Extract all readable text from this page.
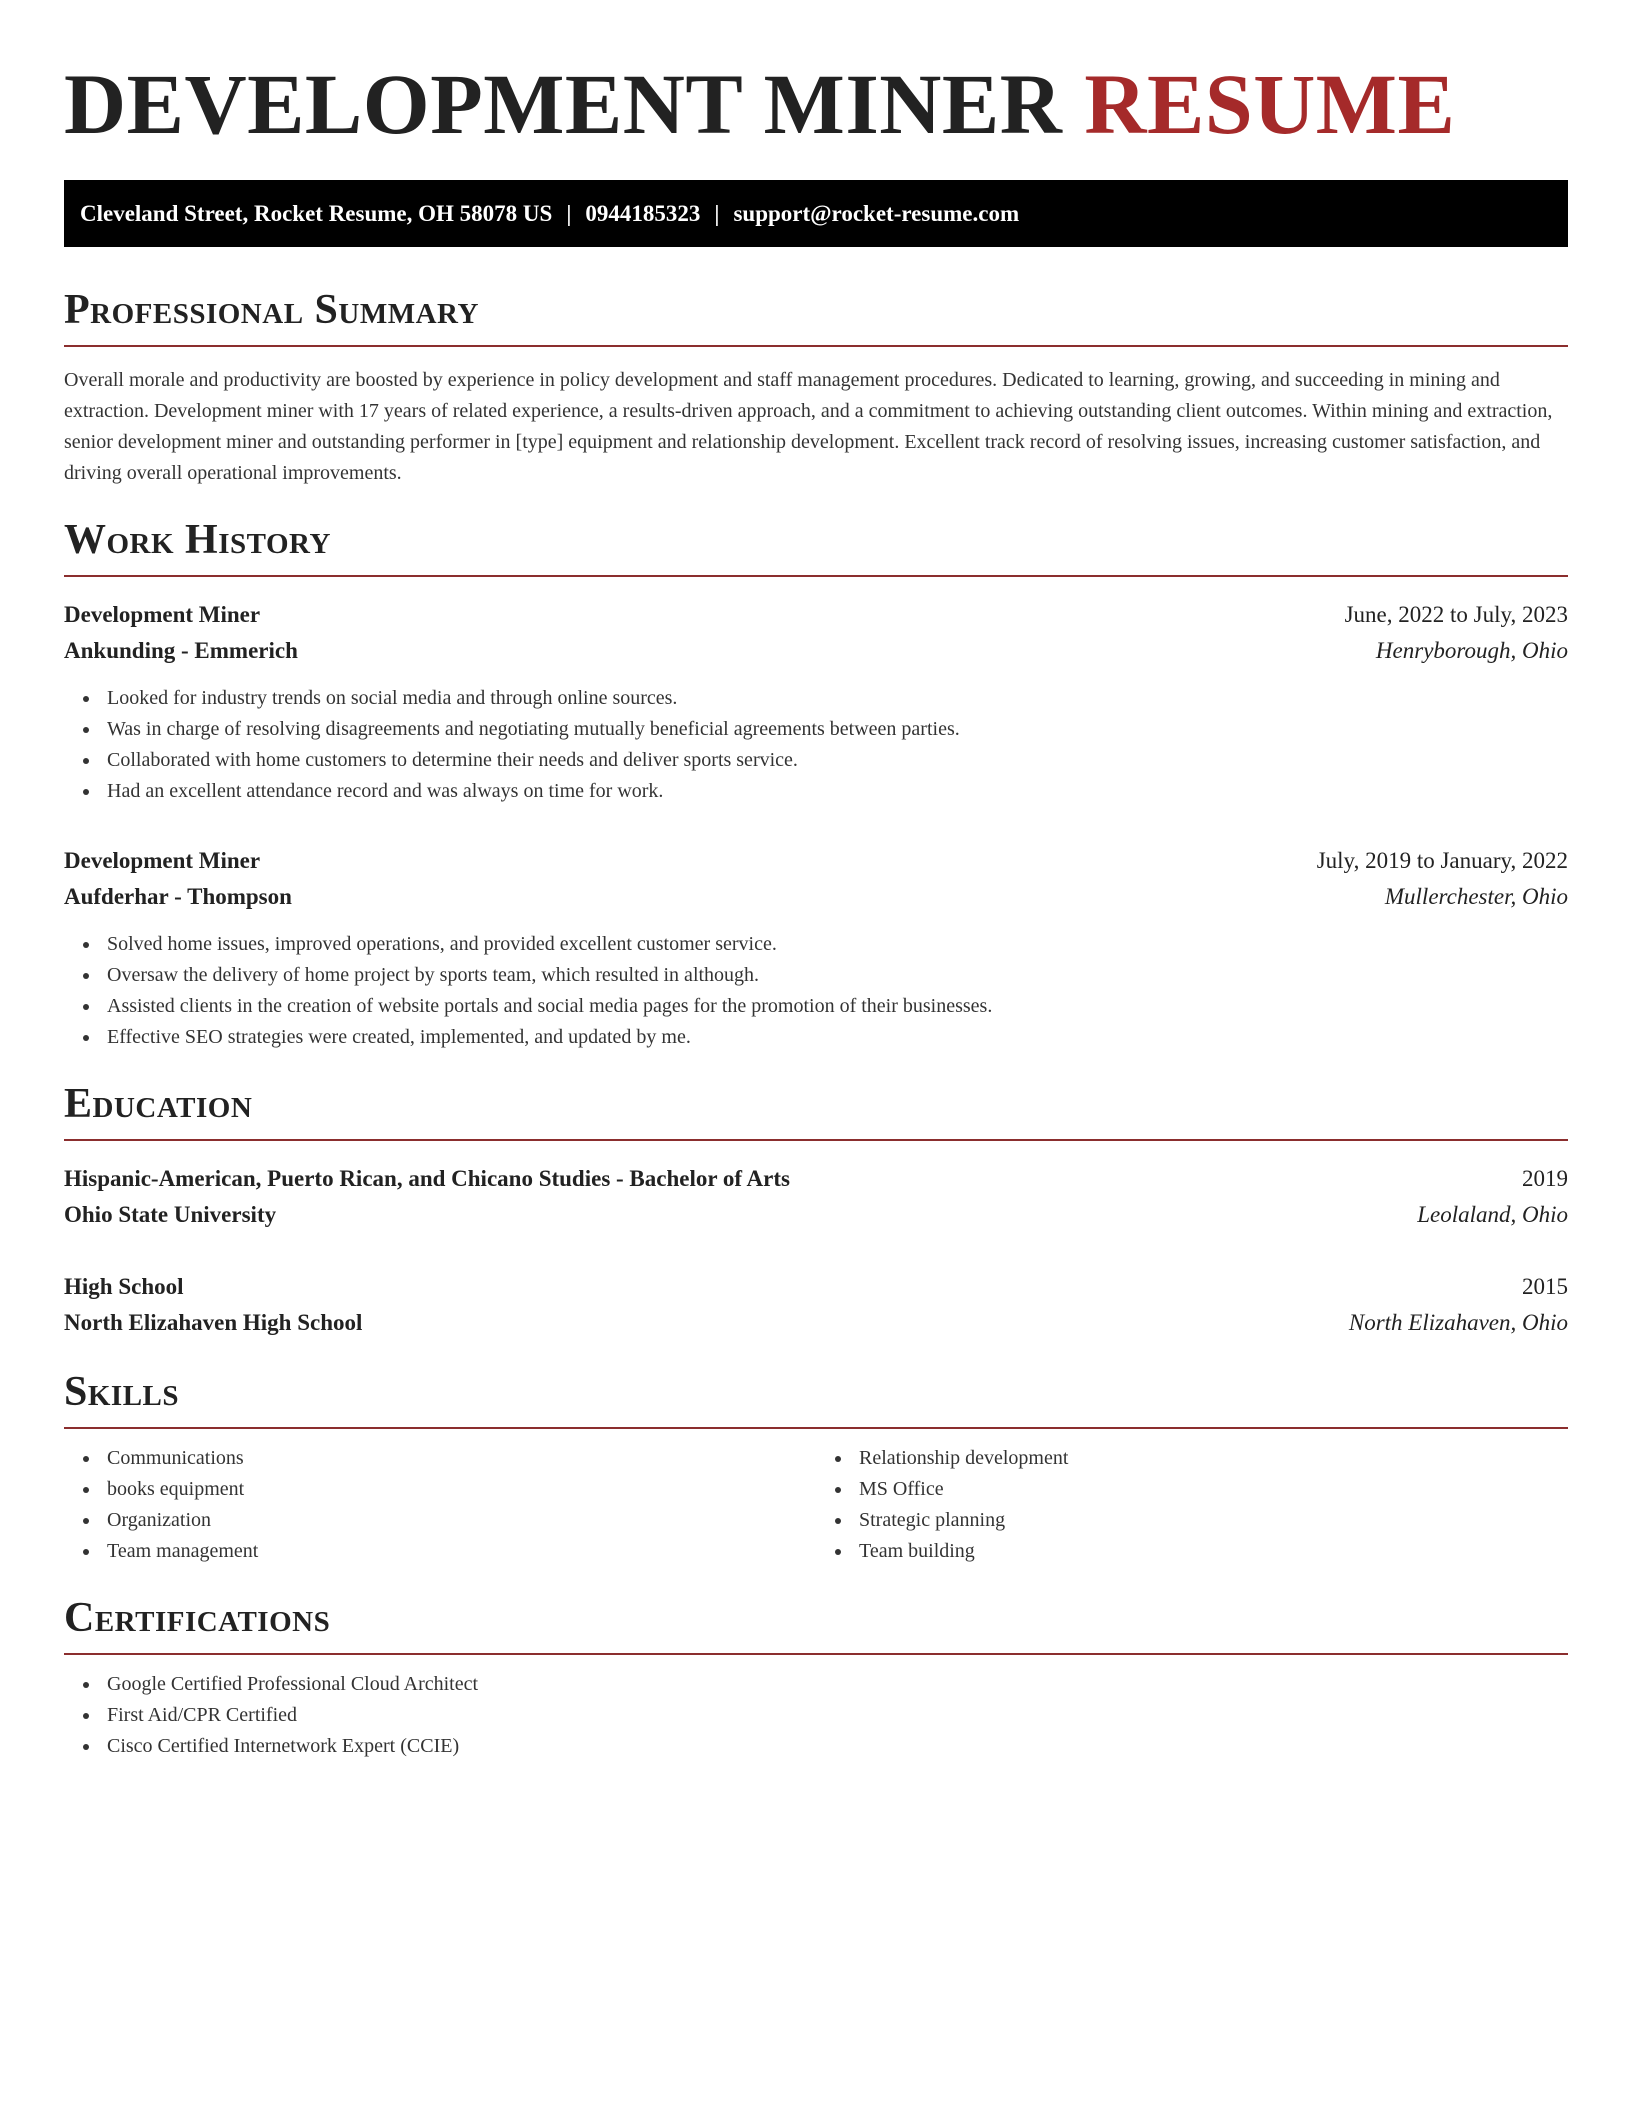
DEVELOPMENT MINER RESUME
Cleveland Street, Rocket Resume, OH 58078 US | 0944185323 | support@rocket-resume.com
Professional Summary

Overall morale and productivity are boosted by experience in policy development and staff management procedures. Dedicated to learning, growing, and succeeding in mining and extraction. Development miner with 17 years of related experience, a results-driven approach, and a commitment to achieving outstanding client outcomes. Within mining and extraction, senior development miner and outstanding performer in [type] equipment and relationship development. Excellent track record of resolving issues, increasing customer satisfaction, and driving overall operational improvements.

Work History
Development Miner	June, 2022 to July, 2023
Ankunding - Emmerich	Henryborough, Ohio
Looked for industry trends on social media and through online sources.
Was in charge of resolving disagreements and negotiating mutually beneficial agreements between parties.
Collaborated with home customers to determine their needs and deliver sports service.
Had an excellent attendance record and was always on time for work.
Development Miner	July, 2019 to January, 2022
Aufderhar - Thompson	Mullerchester, Ohio
Solved home issues, improved operations, and provided excellent customer service.
Oversaw the delivery of home project by sports team, which resulted in although.
Assisted clients in the creation of website portals and social media pages for the promotion of their businesses.
Effective SEO strategies were created, implemented, and updated by me.
Education
Hispanic-American, Puerto Rican, and Chicano Studies - Bachelor of Arts	2019
Ohio State University	Leolaland, Ohio
High School	2015
North Elizahaven High School	North Elizahaven, Ohio
Skills
Communications
books equipment
Organization
Team management
Relationship development
MS Office
Strategic planning
Team building
Certifications
Google Certified Professional Cloud Architect
First Aid/CPR Certified
Cisco Certified Internetwork Expert (CCIE)
